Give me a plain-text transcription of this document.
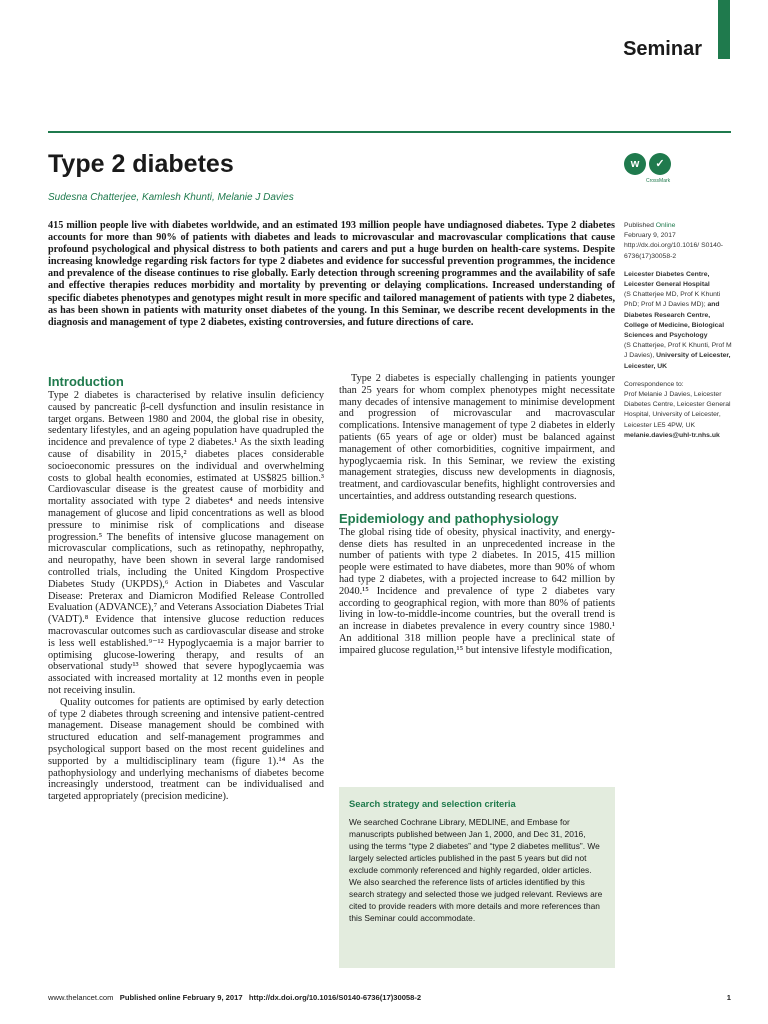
Seminar
Type 2 diabetes
Sudesna Chatterjee, Kamlesh Khunti, Melanie J Davies
w	✓
CrossMark

415 million people live with diabetes worldwide, and an estimated 193 million people have undiagnosed diabetes. Type 2 diabetes accounts for more than 90% of patients with diabetes and leads to microvascular and macrovascular complications that cause profound psychological and physical distress to both patients and carers and put a huge burden on health-care systems. Despite increasing knowledge regarding risk factors for type 2 diabetes and evidence for successful prevention programmes, the incidence and prevalence of the disease continues to rise globally. Early detection through screening programmes and the availability of safe and effective therapies reduces morbidity and mortality by preventing or delaying complications. Increased understanding of specific diabetes phenotypes and genotypes might result in more specific and tailored management of patients with type 2 diabetes, as has been shown in patients with maturity onset diabetes of the young. In this Seminar, we describe recent developments in the diagnosis and management of type 2 diabetes, existing controversies, and future directions of care.

Introduction

Type 2 diabetes is characterised by relative insulin deficiency caused by pancreatic β-cell dysfunction and insulin resistance in target organs. Between 1980 and 2004, the global rise in obesity, sedentary lifestyles, and an ageing population have quadrupled the incidence and prevalence of type 2 diabetes.¹ As the sixth leading cause of disability in 2015,² diabetes places considerable socioeconomic pressures on the individual and overwhelming costs to global health economies, estimated at US$825 billion.³ Cardiovascular disease is the greatest cause of morbidity and mortality associated with type 2 diabetes⁴ and needs intensive management of glucose and lipid concentrations as well as blood pressure to minimise risk of complications and disease progression.⁵ The benefits of intensive glucose management on microvascular complications, such as retinopathy, nephropathy, and neuropathy, have been shown in several large randomised controlled trials, including the United Kingdom Prospective Diabetes Study (UKPDS),⁶ Action in Diabetes and Vascular Disease: Preterax and Diamicron Modified Release Controlled Evaluation (ADVANCE),⁷ and Veterans Association Diabetes Trial (VADT).⁸ Evidence that intensive glucose reduction reduces macrovascular outcomes such as cardiovascular disease and stroke is less well established.⁹⁻¹² Hypoglycaemia is a major barrier to optimising glucose-lowering therapy, and results of an observational study¹³ showed that severe hypoglycaemia was associated with increased mortality at 12 months even in people not receiving insulin.

Quality outcomes for patients are optimised by early detection of type 2 diabetes through screening and intensive patient-centred management. Disease management should be combined with structured education and self-management programmes and psychological support based on the most recent guidelines and supported by a multidisciplinary team (figure 1).¹⁴ As the pathophysiology and underlying mechanisms of diabetes become increasingly understood, treatment can be individualised and targeted appropriately (precision medicine).

Type 2 diabetes is especially challenging in patients younger than 25 years for whom complex phenotypes might necessitate many decades of intensive management to minimise development and progression of microvascular and macrovascular complications. Intensive management of type 2 diabetes in elderly patients (65 years of age or older) must be balanced against management of other comorbidities, cognitive impairment, and hypoglycaemia risk. In this Seminar, we review the existing management strategies, discuss new developments in diagnosis, treatment, and cardiovascular benefits, highlight controversies and uncertainties, and address outstanding research questions.

Epidemiology and pathophysiology

The global rising tide of obesity, physical inactivity, and energy-dense diets has resulted in an unprecedented increase in the number of patients with type 2 diabetes. In 2015, 415 million people were estimated to have diabetes, more than 90% of whom had type 2 diabetes, with a projected increase to 642 million by 2040.¹⁵ Incidence and prevalence of type 2 diabetes vary according to geographical region, with more than 80% of patients living in low-to-middle-income countries, but the overall trend is an increase in diabetes prevalence in every country since 1980.¹ An additional 318 million people have a preclinical state of impaired glucose regulation,¹⁵ but intensive lifestyle modification,

Search strategy and selection criteria

We searched Cochrane Library, MEDLINE, and Embase for manuscripts published between Jan 1, 2000, and Dec 31, 2016, using the terms “type 2 diabetes” and “type 2 diabetes mellitus”. We largely selected articles published in the past 5 years but did not exclude commonly referenced and highly regarded, older articles. We also searched the reference lists of articles identified by this search strategy and selected those we judged relevant. Reviews are cited to provide readers with more details and more references than this Seminar could accommodate.

Published Online
February 9, 2017
http://dx.doi.org/10.1016/ S0140-6736(17)30058-2
Leicester Diabetes Centre, Leicester General Hospital
(S Chatterjee MD, Prof K Khunti PhD; Prof M J Davies MD); and
Diabetes Research Centre, College of Medicine, Biological Sciences and Psychology
(S Chatterjee, Prof K Khunti, Prof M J Davies), University of Leicester, Leicester, UK
Correspondence to:
Prof Melanie J Davies, Leicester Diabetes Centre, Leicester General Hospital, University of Leicester, Leicester LE5 4PW, UK
melanie.davies@uhl-tr.nhs.uk
www.thelancet.com Published online February 9, 2017 http://dx.doi.org/10.1016/S0140-6736(17)30058-2	1
